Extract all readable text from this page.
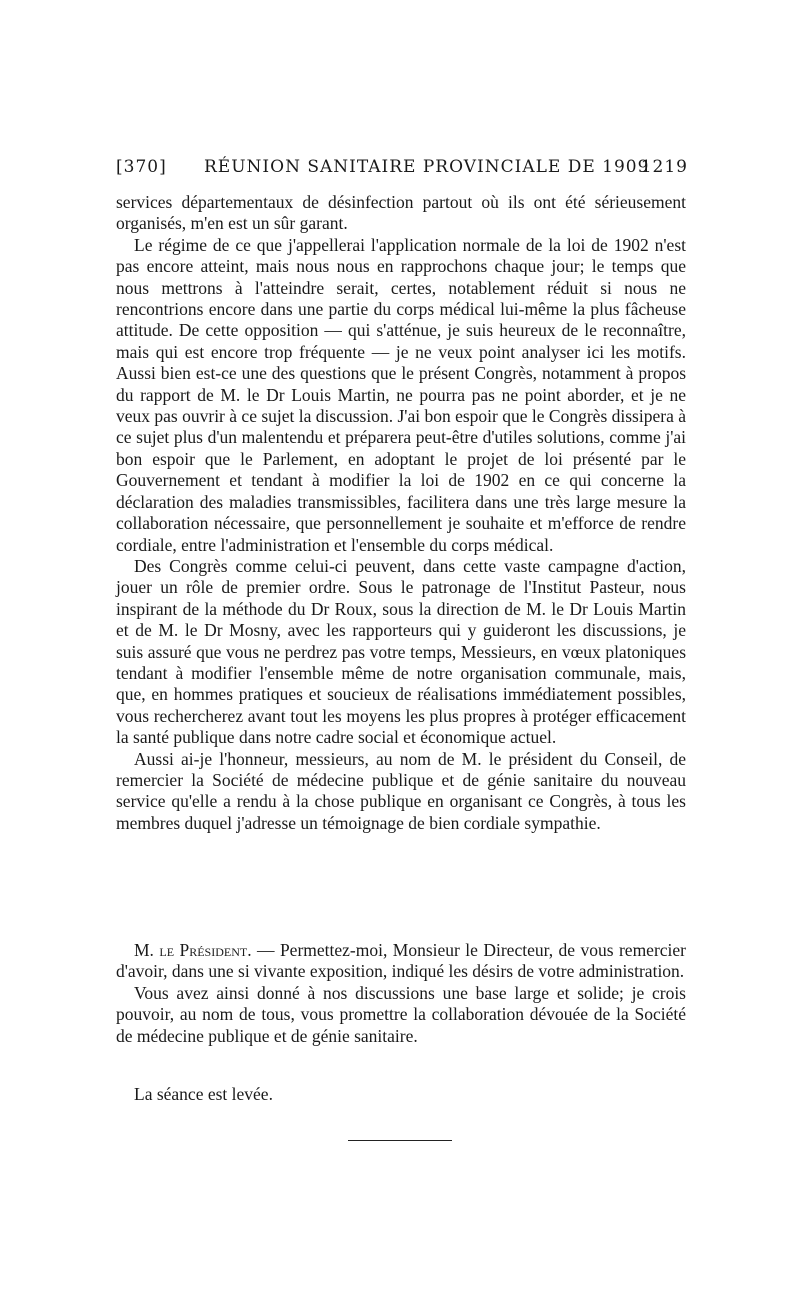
[370] RÉUNION SANITAIRE PROVINCIALE DE 1909
1219

services départementaux de désinfection partout où ils ont été sérieusement organisés, m'en est un sûr garant.

Le régime de ce que j'appellerai l'application normale de la loi de 1902 n'est pas encore atteint, mais nous nous en rapprochons chaque jour; le temps que nous mettrons à l'atteindre serait, certes, notablement réduit si nous ne rencontrions encore dans une partie du corps médical lui-même la plus fâcheuse attitude. De cette opposition — qui s'atténue, je suis heureux de le reconnaître, mais qui est encore trop fréquente — je ne veux point analyser ici les motifs. Aussi bien est-ce une des questions que le présent Congrès, notamment à propos du rapport de M. le Dr Louis Martin, ne pourra pas ne point aborder, et je ne veux pas ouvrir à ce sujet la discussion. J'ai bon espoir que le Congrès dissipera à ce sujet plus d'un malentendu et préparera peut-être d'utiles solutions, comme j'ai bon espoir que le Parlement, en adoptant le projet de loi présenté par le Gouvernement et tendant à modifier la loi de 1902 en ce qui concerne la déclaration des maladies transmissibles, facilitera dans une très large mesure la collaboration nécessaire, que personnellement je souhaite et m'efforce de rendre cordiale, entre l'administration et l'ensemble du corps médical.

Des Congrès comme celui-ci peuvent, dans cette vaste campagne d'action, jouer un rôle de premier ordre. Sous le patronage de l'Institut Pasteur, nous inspirant de la méthode du Dr Roux, sous la direction de M. le Dr Louis Martin et de M. le Dr Mosny, avec les rapporteurs qui y guideront les discussions, je suis assuré que vous ne perdrez pas votre temps, Messieurs, en vœux platoniques tendant à modifier l'ensemble même de notre organisation communale, mais, que, en hommes pratiques et soucieux de réalisations immédiatement possibles, vous rechercherez avant tout les moyens les plus propres à protéger efficacement la santé publique dans notre cadre social et économique actuel.

Aussi ai-je l'honneur, messieurs, au nom de M. le président du Conseil, de remercier la Société de médecine publique et de génie sanitaire du nouveau service qu'elle a rendu à la chose publique en organisant ce Congrès, à tous les membres duquel j'adresse un témoignage de bien cordiale sympathie.

M. le Président. — Permettez-moi, Monsieur le Directeur, de vous remercier d'avoir, dans une si vivante exposition, indiqué les désirs de votre administration.

Vous avez ainsi donné à nos discussions une base large et solide; je crois pouvoir, au nom de tous, vous promettre la collaboration dévouée de la Société de médecine publique et de génie sanitaire.

La séance est levée.
